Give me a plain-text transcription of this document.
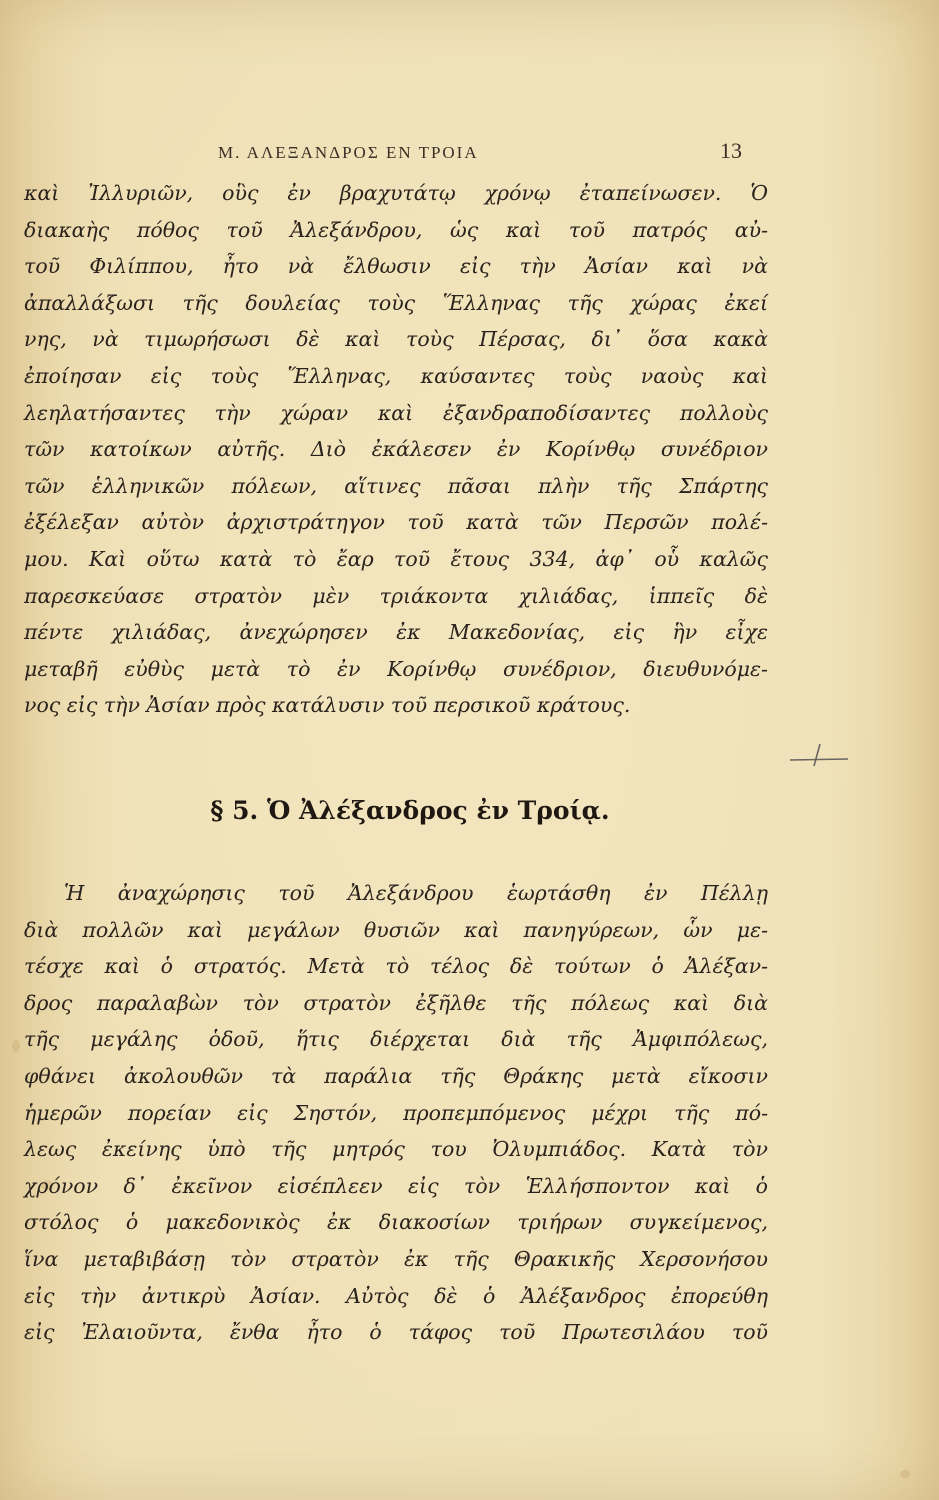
Μ. ΑΛΕΞΑΝΔΡΟΣ ΕΝ ΤΡΟΙΑ	13
καὶ Ἰλλυριῶν, οὓς ἐν βραχυτάτῳ χρόνῳ ἐταπείνωσεν. Ὁ
διακαὴς πόθος τοῦ Ἀλεξάνδρου, ὡς καὶ τοῦ πατρός αὐ-
τοῦ Φιλίππου, ἦτο νὰ ἔλθωσιν εἰς τὴν Ἀσίαν καὶ νὰ
ἀπαλλάξωσι τῆς δουλείας τοὺς Ἕλληνας τῆς χώρας ἐκεί
νης, νὰ τιμωρήσωσι δὲ καὶ τοὺς Πέρσας, δι᾽ ὅσα κακὰ
ἐποίησαν εἰς τοὺς Ἕλληνας, καύσαντες τοὺς ναοὺς καὶ
λεηλατήσαντες τὴν χώραν καὶ ἐξανδραποδίσαντες πολλοὺς
τῶν κατοίκων αὐτῆς. Διὸ ἐκάλεσεν ἐν Κορίνθῳ συνέδριον
τῶν ἑλληνικῶν πόλεων, αἵτινες πᾶσαι πλὴν τῆς Σπάρτης
ἐξέλεξαν αὐτὸν ἀρχιστράτηγον τοῦ κατὰ τῶν Περσῶν πολέ-
μου. Καὶ οὕτω κατὰ τὸ ἔαρ τοῦ ἔτους 334, ἀφ᾽ οὗ καλῶς
παρεσκεύασε στρατὸν μὲν τριάκοντα χιλιάδας, ἱππεῖς δὲ
πέντε χιλιάδας, ἀνεχώρησεν ἐκ Μακεδονίας, εἰς ἣν εἶχε
μεταβῆ εὐθὺς μετὰ τὸ ἐν Κορίνθῳ συνέδριον, διευθυνόμε-
νος εἰς τὴν Ἀσίαν πρὸς κατάλυσιν τοῦ περσικοῦ κράτους.
§ 5. Ὁ Ἀλέξανδρος ἐν Τροίᾳ.
Ἡ ἀναχώρησις τοῦ Ἀλεξάνδρου ἑωρτάσθη ἐν Πέλλῃ
διὰ πολλῶν καὶ μεγάλων θυσιῶν καὶ πανηγύρεων, ὧν με-
τέσχε καὶ ὁ στρατός. Μετὰ τὸ τέλος δὲ τούτων ὁ Ἀλέξαν-
δρος παραλαβὼν τὸν στρατὸν ἐξῆλθε τῆς πόλεως καὶ διὰ
τῆς μεγάλης ὁδοῦ, ἥτις διέρχεται διὰ τῆς Ἀμφιπόλεως,
φθάνει ἀκολουθῶν τὰ παράλια τῆς Θράκης μετὰ εἴκοσιν
ἡμερῶν πορείαν εἰς Σηστόν, προπεμπόμενος μέχρι τῆς πό-
λεως ἐκείνης ὑπὸ τῆς μητρός του Ὀλυμπιάδος. Κατὰ τὸν
χρόνον δ᾽ ἐκεῖνον εἰσέπλεεν εἰς τὸν Ἑλλήσποντον καὶ ὁ
στόλος ὁ μακεδονικὸς ἐκ διακοσίων τριήρων συγκείμενος,
ἵνα μεταβιβάσῃ τὸν στρατὸν ἐκ τῆς Θρακικῆς Χερσονήσου
εἰς τὴν ἀντικρὺ Ἀσίαν. Αὐτὸς δὲ ὁ Ἀλέξανδρος ἐπορεύθη
εἰς Ἐλαιοῦντα, ἔνθα ἦτο ὁ τάφος τοῦ Πρωτεσιλάου τοῦ
